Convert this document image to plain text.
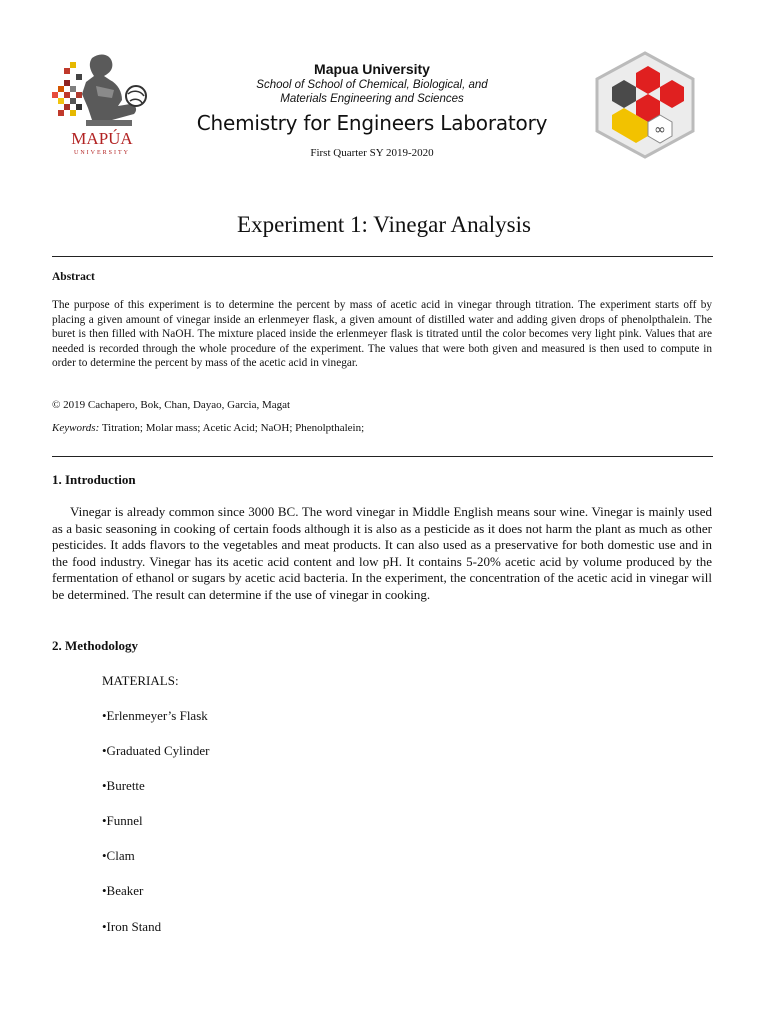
MAPÚA
UNIVERSITY
Mapua University
School of School of Chemical, Biological, and
Materials Engineering and Sciences
Chemistry for Engineers Laboratory
First Quarter SY 2019-2020
∞
Experiment 1: Vinegar Analysis
Abstract
The purpose of this experiment is to determine the percent by mass of acetic acid in vinegar through titration. The experiment starts off by placing a given amount of vinegar inside an erlenmeyer flask, a given amount of distilled water and adding given drops of phenolpthalein. The buret is then filled with NaOH. The mixture placed inside the erlenmeyer flask is titrated until the color becomes very light pink. Values that are needed is recorded through the whole procedure of the experiment. The values that were both given and measured is then used to compute in order to determine the percent by mass of the acetic acid in vinegar.
© 2019 Cachapero, Bok, Chan, Dayao, Garcia, Magat
Keywords: Titration; Molar mass; Acetic Acid; NaOH; Phenolpthalein;
1. Introduction
Vinegar is already common since 3000 BC. The word vinegar in Middle English means sour wine. Vinegar is mainly used as a basic seasoning in cooking of certain foods although it is also as a pesticide as it does not harm the plant as much as other pesticides. It adds flavors to the vegetables and meat products. It can also used as a preservative for both domestic use and in the food industry. Vinegar has its acetic acid content and low pH. It contains 5-20% acetic acid by volume produced by the fermentation of ethanol or sugars by acetic acid bacteria. In the experiment, the concentration of the acetic acid in vinegar will be determined. The result can determine if the use of vinegar in cooking.
2. Methodology
MATERIALS:
•Erlenmeyer’s Flask
•Graduated Cylinder
•Burette
•Funnel
•Clam
•Beaker
•Iron Stand
